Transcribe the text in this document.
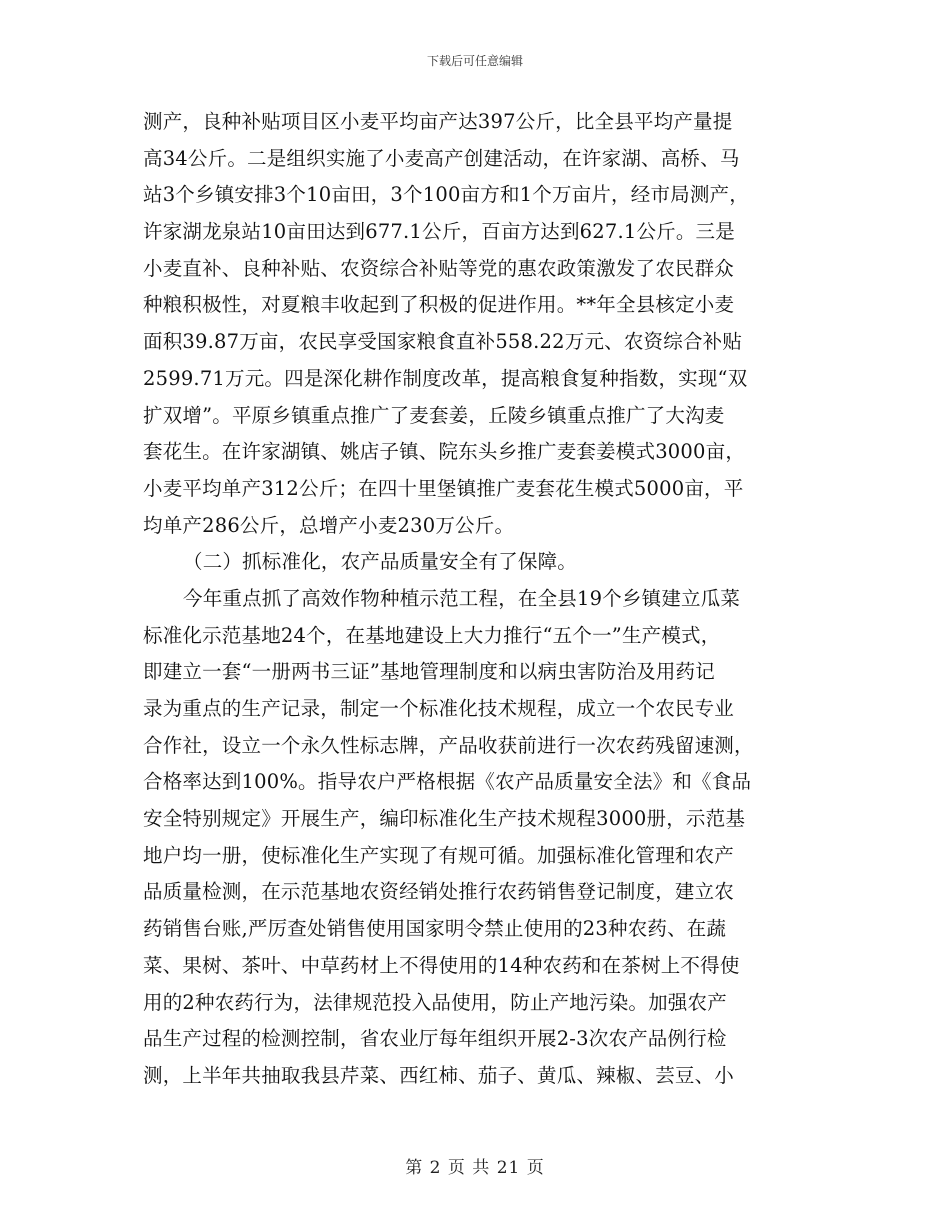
下载后可任意编辑
测产，良种补贴项目区小麦平均亩产达397公斤，比全县平均产量提
高34公斤。二是组织实施了小麦高产创建活动，在许家湖、高桥、马
站3个乡镇安排3个10亩田，3个100亩方和1个万亩片，经市局测产，
许家湖龙泉站10亩田达到677.1公斤，百亩方达到627.1公斤。三是
小麦直补、良种补贴、农资综合补贴等党的惠农政策激发了农民群众
种粮积极性，对夏粮丰收起到了积极的促进作用。**年全县核定小麦
面积39.87万亩，农民享受国家粮食直补558.22万元、农资综合补贴
2599.71万元。四是深化耕作制度改革，提高粮食复种指数，实现“双
扩双增”。平原乡镇重点推广了麦套姜，丘陵乡镇重点推广了大沟麦
套花生。在许家湖镇、姚店子镇、院东头乡推广麦套姜模式3000亩，
小麦平均单产312公斤；在四十里堡镇推广麦套花生模式5000亩，平
均单产286公斤，总增产小麦230万公斤。
（二）抓标准化，农产品质量安全有了保障。
今年重点抓了高效作物种植示范工程，在全县19个乡镇建立瓜菜
标准化示范基地24个，在基地建设上大力推行“五个一”生产模式，
即建立一套“一册两书三证”基地管理制度和以病虫害防治及用药记
录为重点的生产记录，制定一个标准化技术规程，成立一个农民专业
合作社，设立一个永久性标志牌，产品收获前进行一次农药残留速测，
合格率达到100%。指导农户严格根据《农产品质量安全法》和《食品
安全特别规定》开展生产，编印标准化生产技术规程3000册，示范基
地户均一册，使标准化生产实现了有规可循。加强标准化管理和农产
品质量检测，在示范基地农资经销处推行农药销售登记制度，建立农
药销售台账,严厉查处销售使用国家明令禁止使用的23种农药、在蔬
菜、果树、茶叶、中草药材上不得使用的14种农药和在茶树上不得使
用的2种农药行为，法律规范投入品使用，防止产地污染。加强农产
品生产过程的检测控制，省农业厅每年组织开展2-3次农产品例行检
测，上半年共抽取我县芹菜、西红柿、茄子、黄瓜、辣椒、芸豆、小
第 2 页 共 21 页
